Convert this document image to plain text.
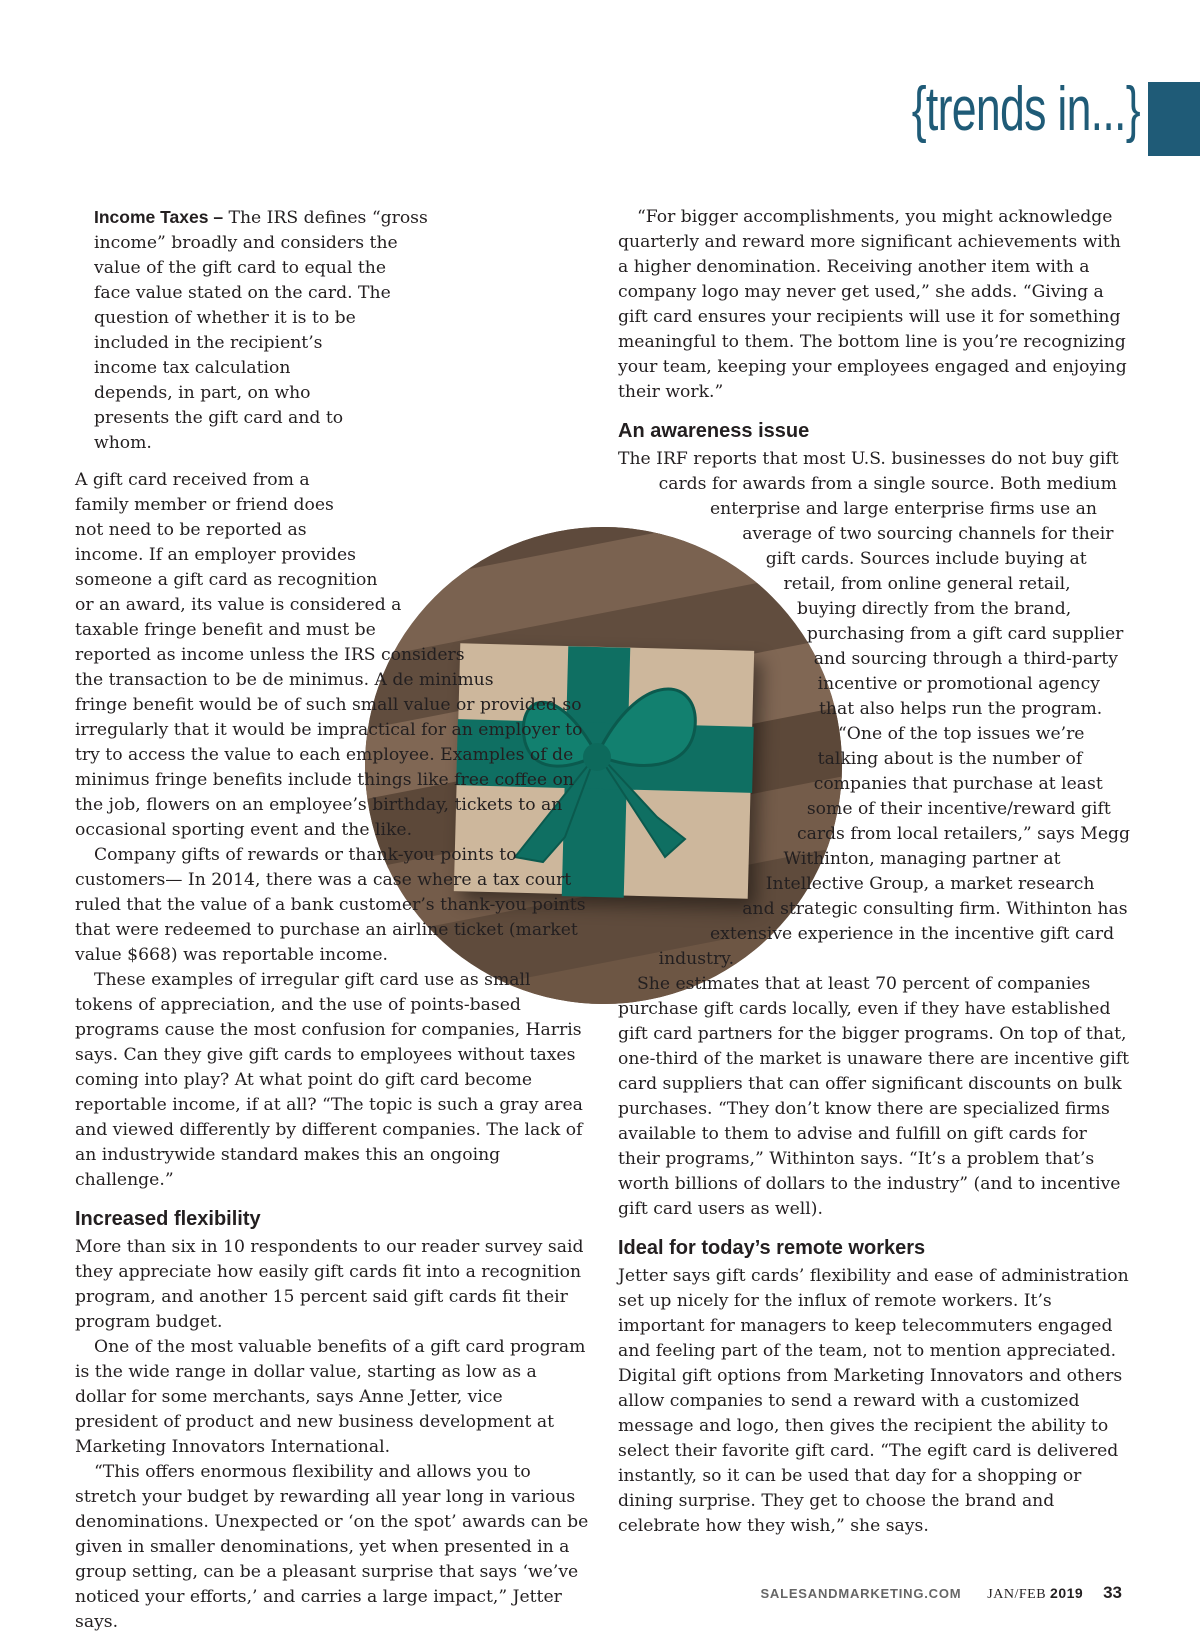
{trends in...}

Income Taxes – The IRS defines “gross income” broadly and considers the value of the gift card to equal the face value stated on the card. The question of whether it is to be included in the recipient’s income tax calculation depends, in part, on who presents the gift card and to whom.

A gift card received from a family member or friend does not need to be reported as income. If an employer provides someone a gift card as recognition or an award, its value is considered a taxable fringe benefit and must be reported as income unless the IRS considers the transaction to be de minimus. A de minimus fringe benefit would be of such small value or provided so irregularly that it would be impractical for an employer to try to access the value to each employee. Examples of de minimus fringe benefits include things like free coffee on the job, flowers on an employee’s birthday, tickets to an occasional sporting event and the like.

Company gifts of rewards or thank-you points to customers— In 2014, there was a case where a tax court ruled that the value of a bank customer’s thank-you points that were redeemed to purchase an airline ticket (market value $668) was reportable income.

These examples of irregular gift card use as small tokens of appreciation, and the use of points-based programs cause the most confusion for companies, Harris says. Can they give gift cards to employees without taxes coming into play? At what point do gift card become reportable income, if at all? “The topic is such a gray area and viewed differently by different companies. The lack of an industrywide standard makes this an ongoing challenge.”

Increased flexibility

More than six in 10 respondents to our reader survey said they appreciate how easily gift cards fit into a recognition program, and another 15 percent said gift cards fit their program budget.

One of the most valuable benefits of a gift card program is the wide range in dollar value, starting as low as a dollar for some merchants, says Anne Jetter, vice president of product and new business development at Marketing Innovators International.

“This offers enormous flexibility and allows you to stretch your budget by rewarding all year long in various denominations. Unexpected or ‘on the spot’ awards can be given in smaller denominations, yet when presented in a group setting, can be a pleasant surprise that says ‘we’ve noticed your efforts,’ and carries a large impact,” Jetter says.

“For bigger accomplishments, you might acknowledge quarterly and reward more significant achievements with a higher denomination. Receiving another item with a company logo may never get used,” she adds. “Giving a gift card ensures your recipients will use it for something meaningful to them. The bottom line is you’re recognizing your team, keeping your employees engaged and enjoying their work.”

An awareness issue

The IRF reports that most U.S. businesses do not buy gift cards for awards from a single source. Both medium enterprise and large enterprise firms use an average of two sourcing channels for their gift cards. Sources include buying at retail, from online general retail, buying directly from the brand, purchasing from a gift card supplier and sourcing through a third-party incentive or promotional agency that also helps run the program.

“One of the top issues we’re talking about is the number of companies that purchase at least some of their incentive/reward gift cards from local retailers,” says Megg Withinton, managing partner at Intellective Group, a market research and strategic consulting firm. Withinton has extensive experience in the incentive gift card industry.

She estimates that at least 70 percent of companies purchase gift cards locally, even if they have established gift card partners for the bigger programs. On top of that, one-third of the market is unaware there are incentive gift card suppliers that can offer significant discounts on bulk purchases. “They don’t know there are specialized firms available to them to advise and fulfill on gift cards for their programs,” Withinton says. “It’s a problem that’s worth billions of dollars to the industry” (and to incentive gift card users as well).

Ideal for today’s remote workers

Jetter says gift cards’ flexibility and ease of administration set up nicely for the influx of remote workers. It’s important for managers to keep telecommuters engaged and feeling part of the team, not to mention appreciated. Digital gift options from Marketing Innovators and others allow companies to send a reward with a customized message and logo, then gives the recipient the ability to select their favorite gift card. “The egift card is delivered instantly, so it can be used that day for a shopping or dining surprise. They get to choose the brand and celebrate how they wish,” she says.

SALESANDMARKETING.COM JAN/FEB 2019 33
